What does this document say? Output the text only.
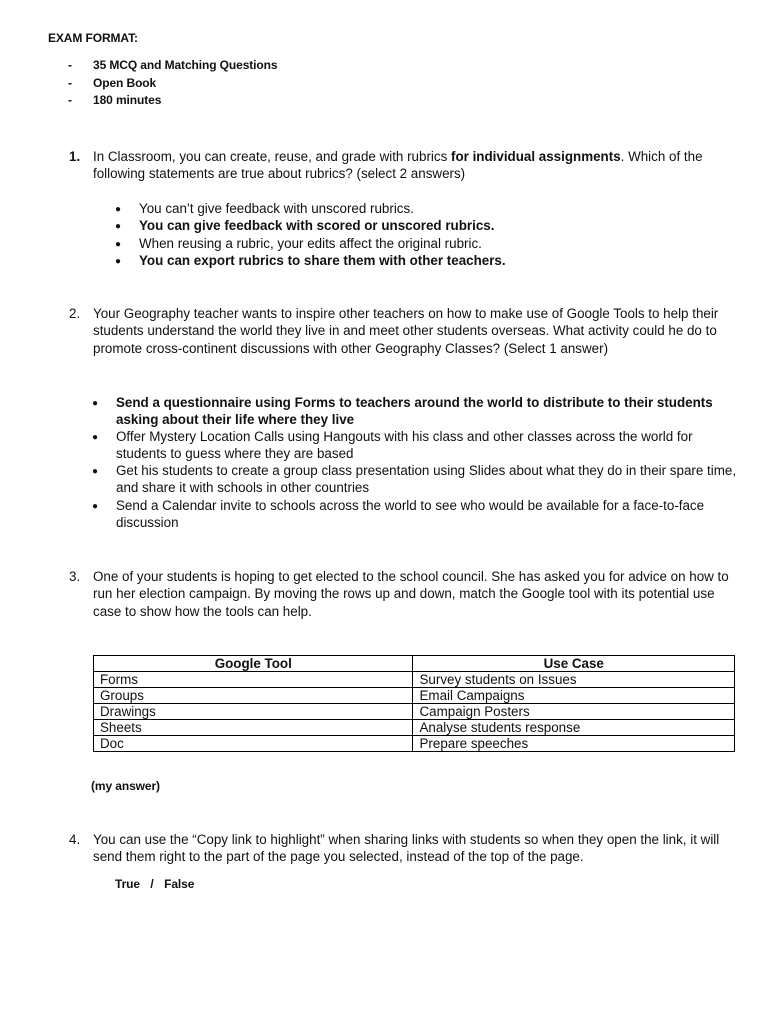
EXAM FORMAT:
- 35 MCQ and Matching Questions
- Open Book
- 180 minutes
1. In Classroom, you can create, reuse, and grade with rubrics for individual assignments. Which of the following statements are true about rubrics? (select 2 answers)
● You can’t give feedback with unscored rubrics.
● You can give feedback with scored or unscored rubrics.
● When reusing a rubric, your edits affect the original rubric.
● You can export rubrics to share them with other teachers.
2. Your Geography teacher wants to inspire other teachers on how to make use of Google Tools to help their students understand the world they live in and meet other students overseas. What activity could he do to promote cross-continent discussions with other Geography Classes? (Select 1 answer)
● Send a questionnaire using Forms to teachers around the world to distribute to their students asking about their life where they live
● Offer Mystery Location Calls using Hangouts with his class and other classes across the world for students to guess where they are based
● Get his students to create a group class presentation using Slides about what they do in their spare time, and share it with schools in other countries
● Send a Calendar invite to schools across the world to see who would be available for a face-to-face discussion
3. One of your students is hoping to get elected to the school council. She has asked you for advice on how to run her election campaign. By moving the rows up and down, match the Google tool with its potential use case to show how the tools can help.
Google Tool	Use Case
Forms	Survey students on Issues
Groups	Email Campaigns
Drawings	Campaign Posters
Sheets	Analyse students response
Doc	Prepare speeches
(my answer)
4. You can use the “Copy link to highlight” when sharing links with students so when they open the link, it will send them right to the part of the page you selected, instead of the top of the page.
True / False
